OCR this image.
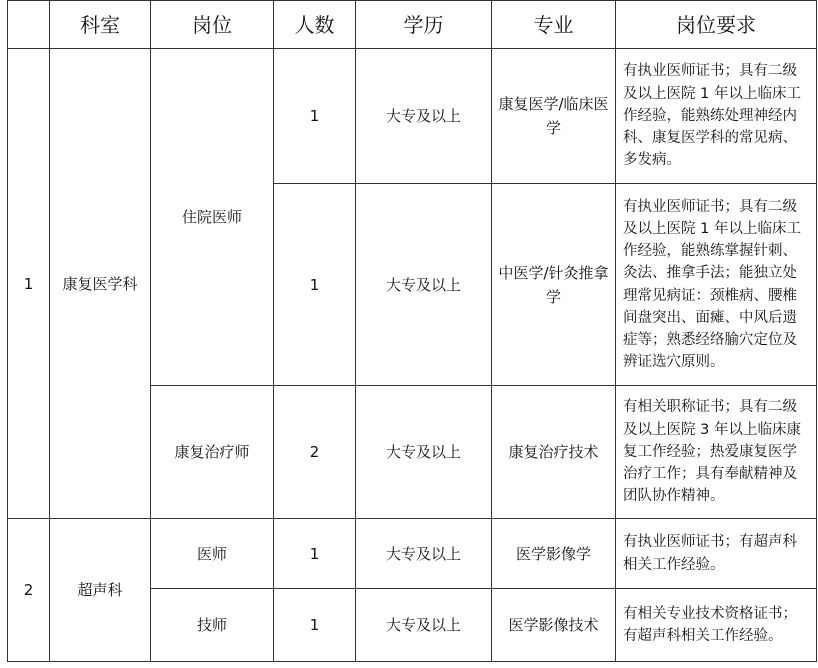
	科室	岗位	人数	学历	专业	岗位要求
1	康复医学科	住院医师	1	大专及以上	康复医学/临床医学	有执业医师证书；具有二级及以上医院 1 年以上临床工作经验，能熟练处理神经内科、康复医学科的常见病、多发病。
			1	大专及以上	中医学/针灸推拿学	有执业医师证书；具有二级及以上医院 1 年以上临床工作经验，能熟练掌握针刺、灸法、推拿手法；能独立处理常见病证：颈椎病、腰椎间盘突出、面瘫、中风后遗症等；熟悉经络腧穴定位及辨证选穴原则。
		康复治疗师	2	大专及以上	康复治疗技术	有相关职称证书；具有二级及以上医院 3 年以上临床康复工作经验；热爱康复医学治疗工作；具有奉献精神及团队协作精神。
2	超声科	医师	1	大专及以上	医学影像学	有执业医师证书；有超声科相关工作经验。
		技师	1	大专及以上	医学影像技术	有相关专业技术资格证书；有超声科相关工作经验。
